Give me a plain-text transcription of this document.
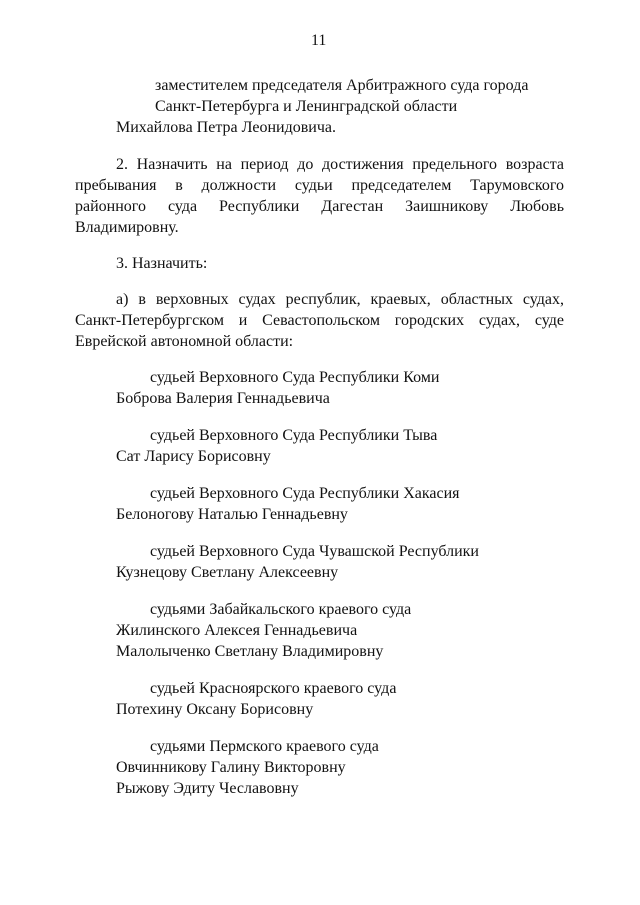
11
заместителем председателя Арбитражного суда города
Санкт-Петербурга и Ленинградской области
Михайлова Петра Леонидовича.
2. Назначить на период до достижения предельного возраста
пребывания в должности судьи председателем Тарумовского
районного суда Республики Дагестан Заишникову Любовь
Владимировну.
3. Назначить:
а) в верховных судах республик, краевых, областных судах,
Санкт-Петербургском и Севастопольском городских судах, суде
Еврейской автономной области:
судьей Верховного Суда Республики Коми
Боброва Валерия Геннадьевича
судьей Верховного Суда Республики Тыва
Сат Ларису Борисовну
судьей Верховного Суда Республики Хакасия
Белоногову Наталью Геннадьевну
судьей Верховного Суда Чувашской Республики
Кузнецову Светлану Алексеевну
судьями Забайкальского краевого суда
Жилинского Алексея Геннадьевича
Малолыченко Светлану Владимировну
судьей Красноярского краевого суда
Потехину Оксану Борисовну
судьями Пермского краевого суда
Овчинникову Галину Викторовну
Рыжову Эдиту Чеславовну
